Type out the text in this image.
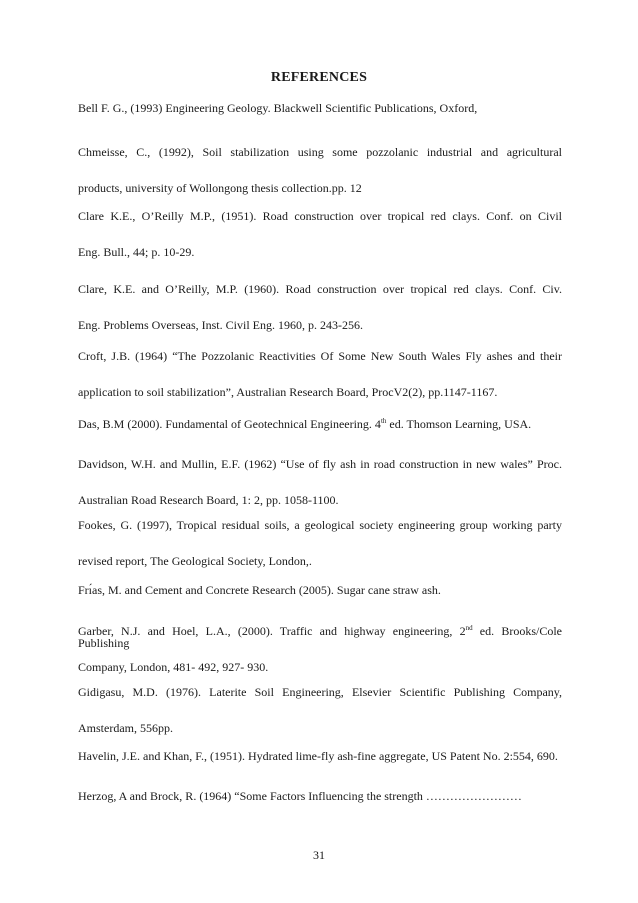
REFERENCES
Bell F. G., (1993) Engineering Geology. Blackwell Scientific Publications, Oxford,
Chmeisse, C., (1992), Soil stabilization using some pozzolanic industrial and agricultural
products, university of Wollongong thesis collection.pp. 12
Clare K.E., O’Reilly M.P., (1951). Road construction over tropical red clays. Conf. on Civil
Eng. Bull., 44; p. 10-29.
Clare, K.E. and O’Reilly, M.P. (1960). Road construction over tropical red clays. Conf. Civ.
Eng. Problems Overseas, Inst. Civil Eng. 1960, p. 243-256.
Croft, J.B. (1964) “The Pozzolanic Reactivities Of Some New South Wales Fly ashes and their
application to soil stabilization”, Australian Research Board, ProcV2(2), pp.1147-1167.
Das, B.M (2000). Fundamental of Geotechnical Engineering. 4th ed. Thomson Learning, USA.
Davidson, W.H. and Mullin, E.F. (1962) “Use of fly ash in road construction in new wales” Proc.
Australian Road Research Board, 1: 2, pp. 1058-1100.
Fookes, G. (1997), Tropical residual soils, a geological society engineering group working party
revised report, The Geological Society, London,.
Frı́as, M. and Cement and Concrete Research (2005). Sugar cane straw ash.
Garber, N.J. and Hoel, L.A., (2000). Traffic and highway engineering, 2nd ed. Brooks/Cole Publishing
Company, London, 481- 492, 927- 930.
Gidigasu, M.D. (1976). Laterite Soil Engineering, Elsevier Scientific Publishing Company,
Amsterdam, 556pp.
Havelin, J.E. and Khan, F., (1951). Hydrated lime-fly ash-fine aggregate, US Patent No. 2:554, 690.
Herzog, A and Brock, R. (1964) “Some Factors Influencing the strength ……………………
31
